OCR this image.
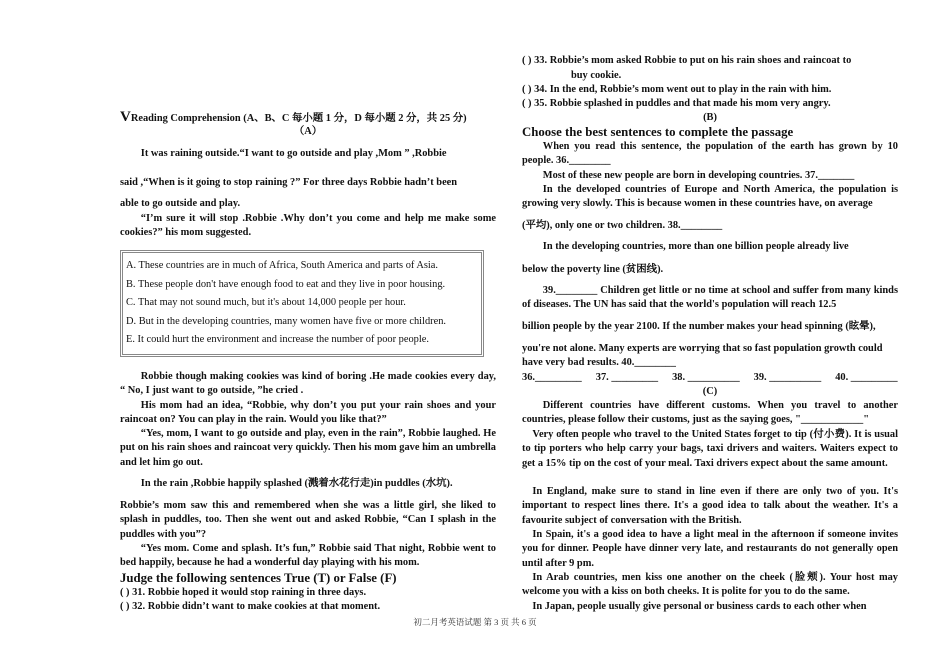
VReading Comprehension (A、B、C 每小题 1 分，D 每小题 2 分，共 25 分)
（A）

It was raining outside.“I want to go outside and play ,Mom ” ,Robbie

said ,“When is it going to stop raining ?” For three days Robbie hadn’t been

able to go outside and play.

“I’m sure it will stop .Robbie .Why don’t you come and help me make some cookies?” his mom suggested.

A. These countries are in much of Africa, South America and parts of Asia.
B. These people don't have enough food to eat and they live in poor housing.
C. That may not sound much, but it's about 14,000 people per hour.
D. But in the developing countries, many women have five or more children.
E. It could hurt the environment and increase the number of poor people.

Robbie though making cookies was kind of boring .He made cookies every day, “ No, I just want to go outside, ”he cried .

His mom had an idea, “Robbie, why don’t you put your rain shoes and your raincoat on? You can play in the rain. Would you like that?”

“Yes, mom, I want to go outside and play, even in the rain”, Robbie laughed. He put on his rain shoes and raincoat very quickly. Then his mom gave him an umbrella and let him go out.

In the rain ,Robbie happily splashed (溅着水花行走)in puddles (水坑).

Robbie’s mom saw this and remembered when she was a little girl, she liked to splash in puddles, too. Then she went out and asked Robbie, “Can I splash in the puddles with you”?

“Yes mom. Come and splash. It’s fun,” Robbie said That night, Robbie went to bed happily, because he had a wonderful day playing with his mom.

Judge the following sentences True (T) or False (F)
( ) 31. Robbie hoped it would stop raining in three days.
( ) 32. Robbie didn’t want to make cookies at that moment.
( ) 33. Robbie’s mom asked Robbie to put on his rain shoes and raincoat to
buy cookie.
( ) 34. In the end, Robbie’s mom went out to play in the rain with him.
( ) 35. Robbie splashed in puddles and that made his mom very angry.
(B)
Choose the best sentences to complete the passage

When you read this sentence, the population of the earth has grown by 10 people. 36.________

Most of these new people are born in developing countries. 37._______

In the developed countries of Europe and North America, the population is growing very slowly. This is because women in these countries have, on average

(平均), only one or two children. 38.________

In the developing countries, more than one billion people already live

below the poverty line (贫困线).

39.________ Children get little or no time at school and suffer from many kinds of diseases. The UN has said that the world's population will reach 12.5

billion people by the year 2100. If the number makes your head spinning (眩晕),

you're not alone. Many experts are worrying that so fast population growth could have very bad results. 40.________

36._________ 37. _________ 38. __________ 39. __________ 40. _________
(C)

Different countries have different customs. When you travel to another countries, please follow their customs, just as the saying goes, "____________"

Very often people who travel to the United States forget to tip (付小费). It is usual to tip porters who help carry your bags, taxi drivers and waiters. Waiters expect to get a 15% tip on the cost of your meal. Taxi drivers expect about the same amount.

In England, make sure to stand in line even if there are only two of you. It's important to respect lines there. It's a good idea to talk about the weather. It's a favourite subject of conversation with the British.

In Spain, it's a good idea to have a light meal in the afternoon if someone invites you for dinner. People have dinner very late, and restaurants do not generally open until after 9 pm.

In Arab countries, men kiss one another on the cheek (脸颊). Your host may welcome you with a kiss on both cheeks. It is polite for you to do the same.

In Japan, people usually give personal or business cards to each other when

初二月考英语试题 第 3 页 共 6 页
